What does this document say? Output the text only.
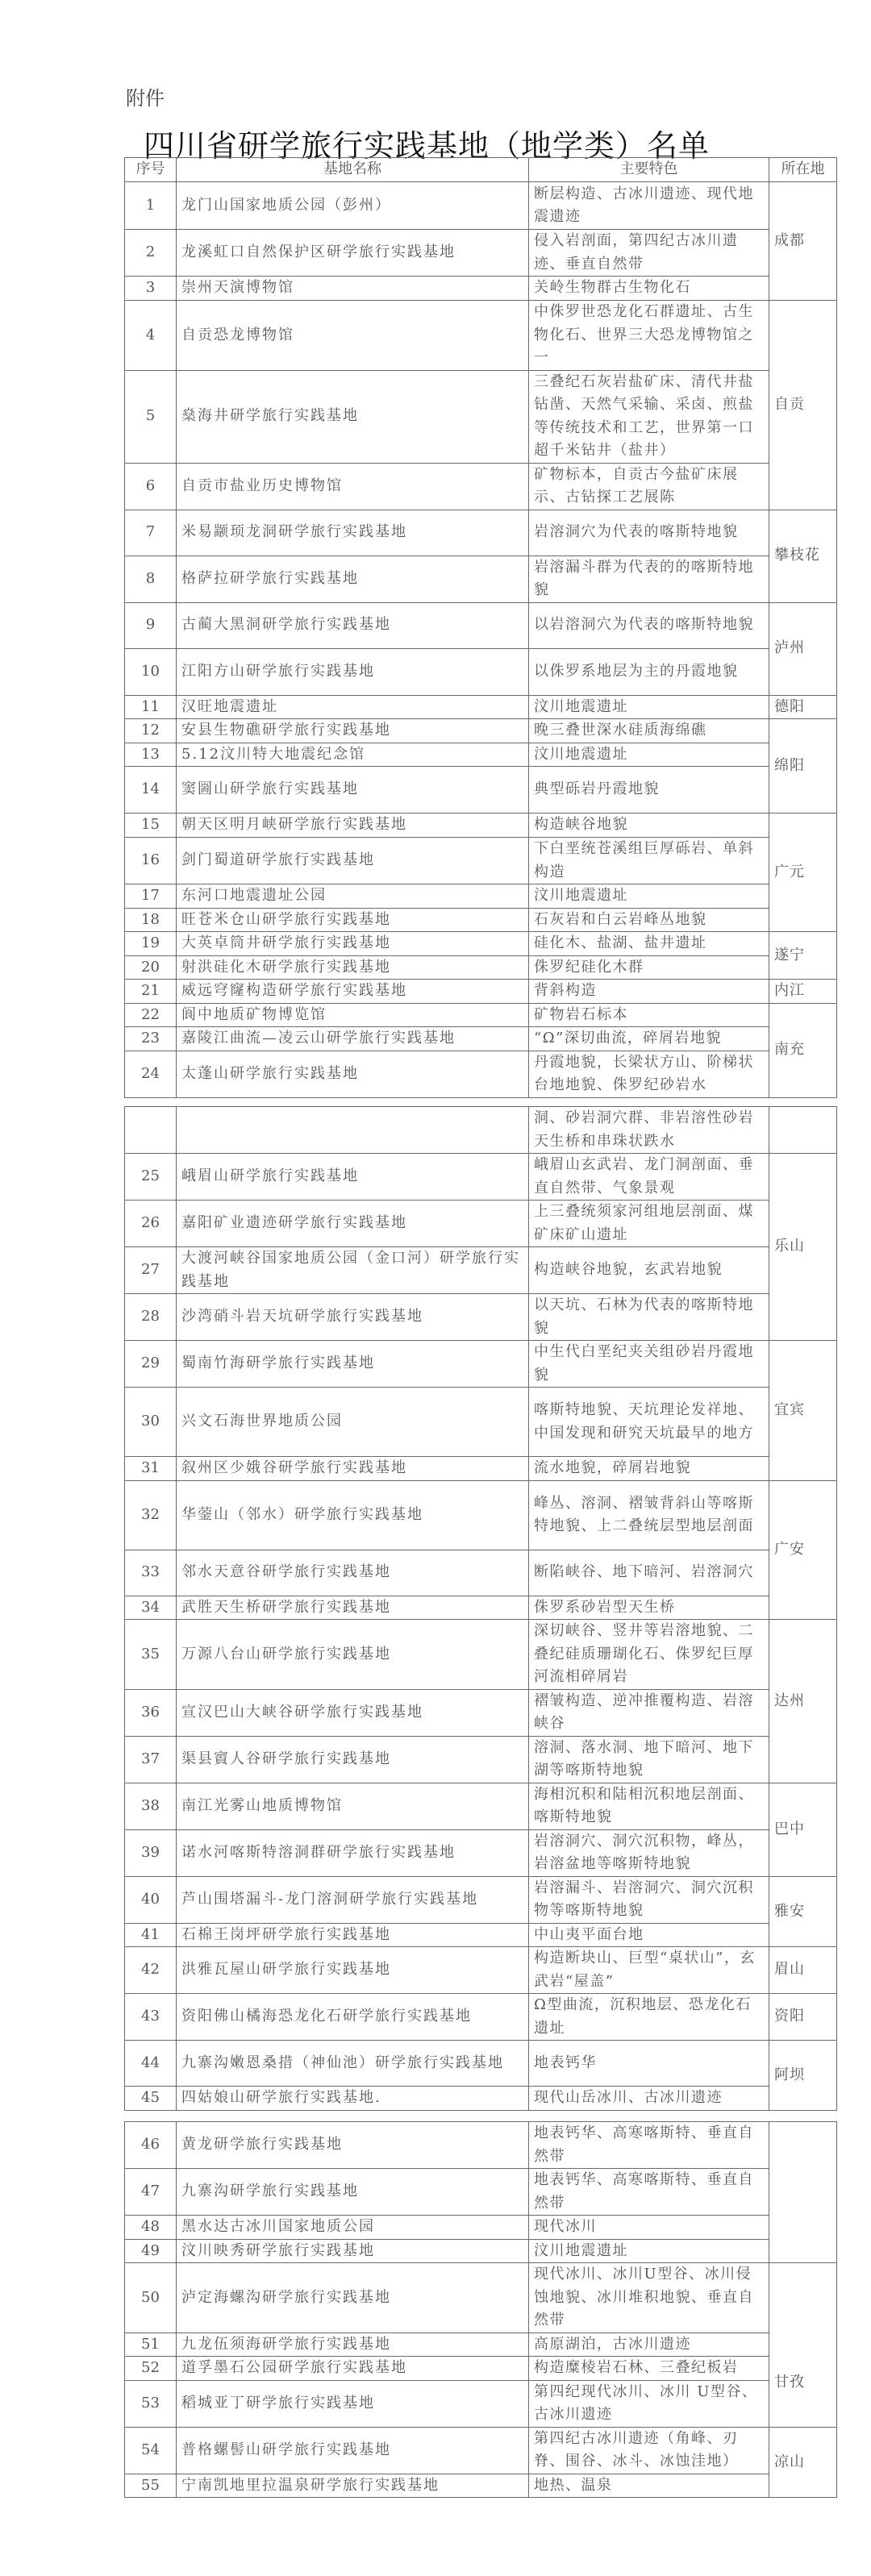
附件
四川省研学旅行实践基地（地学类）名单
序号	基地名称	主要特色	所在地
1	龙门山国家地质公园（彭州）	断层构造、古冰川遗迹、现代地震遗迹	成都
2	龙溪虹口自然保护区研学旅行实践基地	侵入岩剖面，第四纪古冰川遗迹、垂直自然带	
3	崇州天演博物馆	关岭生物群古生物化石	
4	自贡恐龙博物馆	中侏罗世恐龙化石群遗址、古生物化石、世界三大恐龙博物馆之一	自贡
5	燊海井研学旅行实践基地	三叠纪石灰岩盐矿床、清代井盐钻凿、天然气采输、采卤、煎盐等传统技术和工艺，世界第一口超千米钻井（盐井）	
6	自贡市盐业历史博物馆	矿物标本，自贡古今盐矿床展示、古钻探工艺展陈	
7	米易颛顼龙洞研学旅行实践基地	岩溶洞穴为代表的喀斯特地貌	攀枝花
8	格萨拉研学旅行实践基地	岩溶漏斗群为代表的的喀斯特地貌	
9	古蔺大黑洞研学旅行实践基地	以岩溶洞穴为代表的喀斯特地貌	泸州
10	江阳方山研学旅行实践基地	以侏罗系地层为主的丹霞地貌	
11	汉旺地震遗址	汶川地震遗址	德阳
12	安县生物礁研学旅行实践基地	晚三叠世深水硅质海绵礁	绵阳
13	5.12汶川特大地震纪念馆	汶川地震遗址	
14	窦圌山研学旅行实践基地	典型砾岩丹霞地貌	
15	朝天区明月峡研学旅行实践基地	构造峡谷地貌	广元
16	剑门蜀道研学旅行实践基地	下白垩统苍溪组巨厚砾岩、单斜构造	
17	东河口地震遗址公园	汶川地震遗址	
18	旺苍米仓山研学旅行实践基地	石灰岩和白云岩峰丛地貌	
19	大英卓筒井研学旅行实践基地	硅化木、盐湖、盐井遗址	遂宁
20	射洪硅化木研学旅行实践基地	侏罗纪硅化木群	
21	威远穹窿构造研学旅行实践基地	背斜构造	内江
22	阆中地质矿物博览馆	矿物岩石标本	南充
23	嘉陵江曲流—凌云山研学旅行实践基地	“Ω”深切曲流，碎屑岩地貌	
24	太蓬山研学旅行实践基地	丹霞地貌，长梁状方山、阶梯状台地地貌、侏罗纪砂岩水	
		洞、砂岩洞穴群、非岩溶性砂岩天生桥和串珠状跌水	
25	峨眉山研学旅行实践基地	峨眉山玄武岩、龙门洞剖面、垂直自然带、气象景观	乐山
26	嘉阳矿业遗迹研学旅行实践基地	上三叠统须家河组地层剖面、煤矿床矿山遗址	
27	大渡河峡谷国家地质公园（金口河）研学旅行实践基地	构造峡谷地貌，玄武岩地貌	
28	沙湾硝斗岩天坑研学旅行实践基地	以天坑、石林为代表的喀斯特地貌	
29	蜀南竹海研学旅行实践基地	中生代白垩纪夹关组砂岩丹霞地貌	宜宾
30	兴文石海世界地质公园	喀斯特地貌、天坑理论发祥地、中国发现和研究天坑最早的地方	
31	叙州区少娥谷研学旅行实践基地	流水地貌，碎屑岩地貌	
32	华蓥山（邻水）研学旅行实践基地	峰丛、溶洞、褶皱背斜山等喀斯特地貌、上二叠统层型地层剖面	广安
33	邻水天意谷研学旅行实践基地	断陷峡谷、地下暗河、岩溶洞穴	
34	武胜天生桥研学旅行实践基地	侏罗系砂岩型天生桥	
35	万源八台山研学旅行实践基地	深切峡谷、竖井等岩溶地貌、二叠纪硅质珊瑚化石、侏罗纪巨厚河流相碎屑岩	达州
36	宣汉巴山大峡谷研学旅行实践基地	褶皱构造、逆冲推覆构造、岩溶峡谷	
37	渠县賨人谷研学旅行实践基地	溶洞、落水洞、地下暗河、地下湖等喀斯特地貌	
38	南江光雾山地质博物馆	海相沉积和陆相沉积地层剖面、喀斯特地貌	巴中
39	诺水河喀斯特溶洞群研学旅行实践基地	岩溶洞穴、洞穴沉积物，峰丛，岩溶盆地等喀斯特地貌	
40	芦山围塔漏斗-龙门溶洞研学旅行实践基地	岩溶漏斗、岩溶洞穴、洞穴沉积物等喀斯特地貌	雅安
41	石棉王岗坪研学旅行实践基地	中山夷平面台地	
42	洪雅瓦屋山研学旅行实践基地	构造断块山、巨型“桌状山”，玄武岩“屋盖”	眉山
43	资阳佛山橘海恐龙化石研学旅行实践基地	Ω型曲流，沉积地层、恐龙化石遗址	资阳
44	九寨沟嫩恩桑措（神仙池）研学旅行实践基地	地表钙华	阿坝
45	四姑娘山研学旅行实践基地.	现代山岳冰川、古冰川遗迹	
46	黄龙研学旅行实践基地	地表钙华、高寒喀斯特、垂直自然带	
47	九寨沟研学旅行实践基地	地表钙华、高寒喀斯特、垂直自然带	
48	黑水达古冰川国家地质公园	现代冰川	
49	汶川映秀研学旅行实践基地	汶川地震遗址	
50	泸定海螺沟研学旅行实践基地	现代冰川、冰川U型谷、冰川侵蚀地貌、冰川堆积地貌、垂直自然带	甘孜
51	九龙伍须海研学旅行实践基地	高原湖泊，古冰川遗迹	
52	道孚墨石公园研学旅行实践基地	构造糜棱岩石林、三叠纪板岩	
53	稻城亚丁研学旅行实践基地	第四纪现代冰川、冰川 U型谷、古冰川遗迹	
54	普格螺髻山研学旅行实践基地	第四纪古冰川遗迹（角峰、刃脊、围谷、冰斗、冰蚀洼地）	凉山
55	宁南凯地里拉温泉研学旅行实践基地	地热、温泉	
